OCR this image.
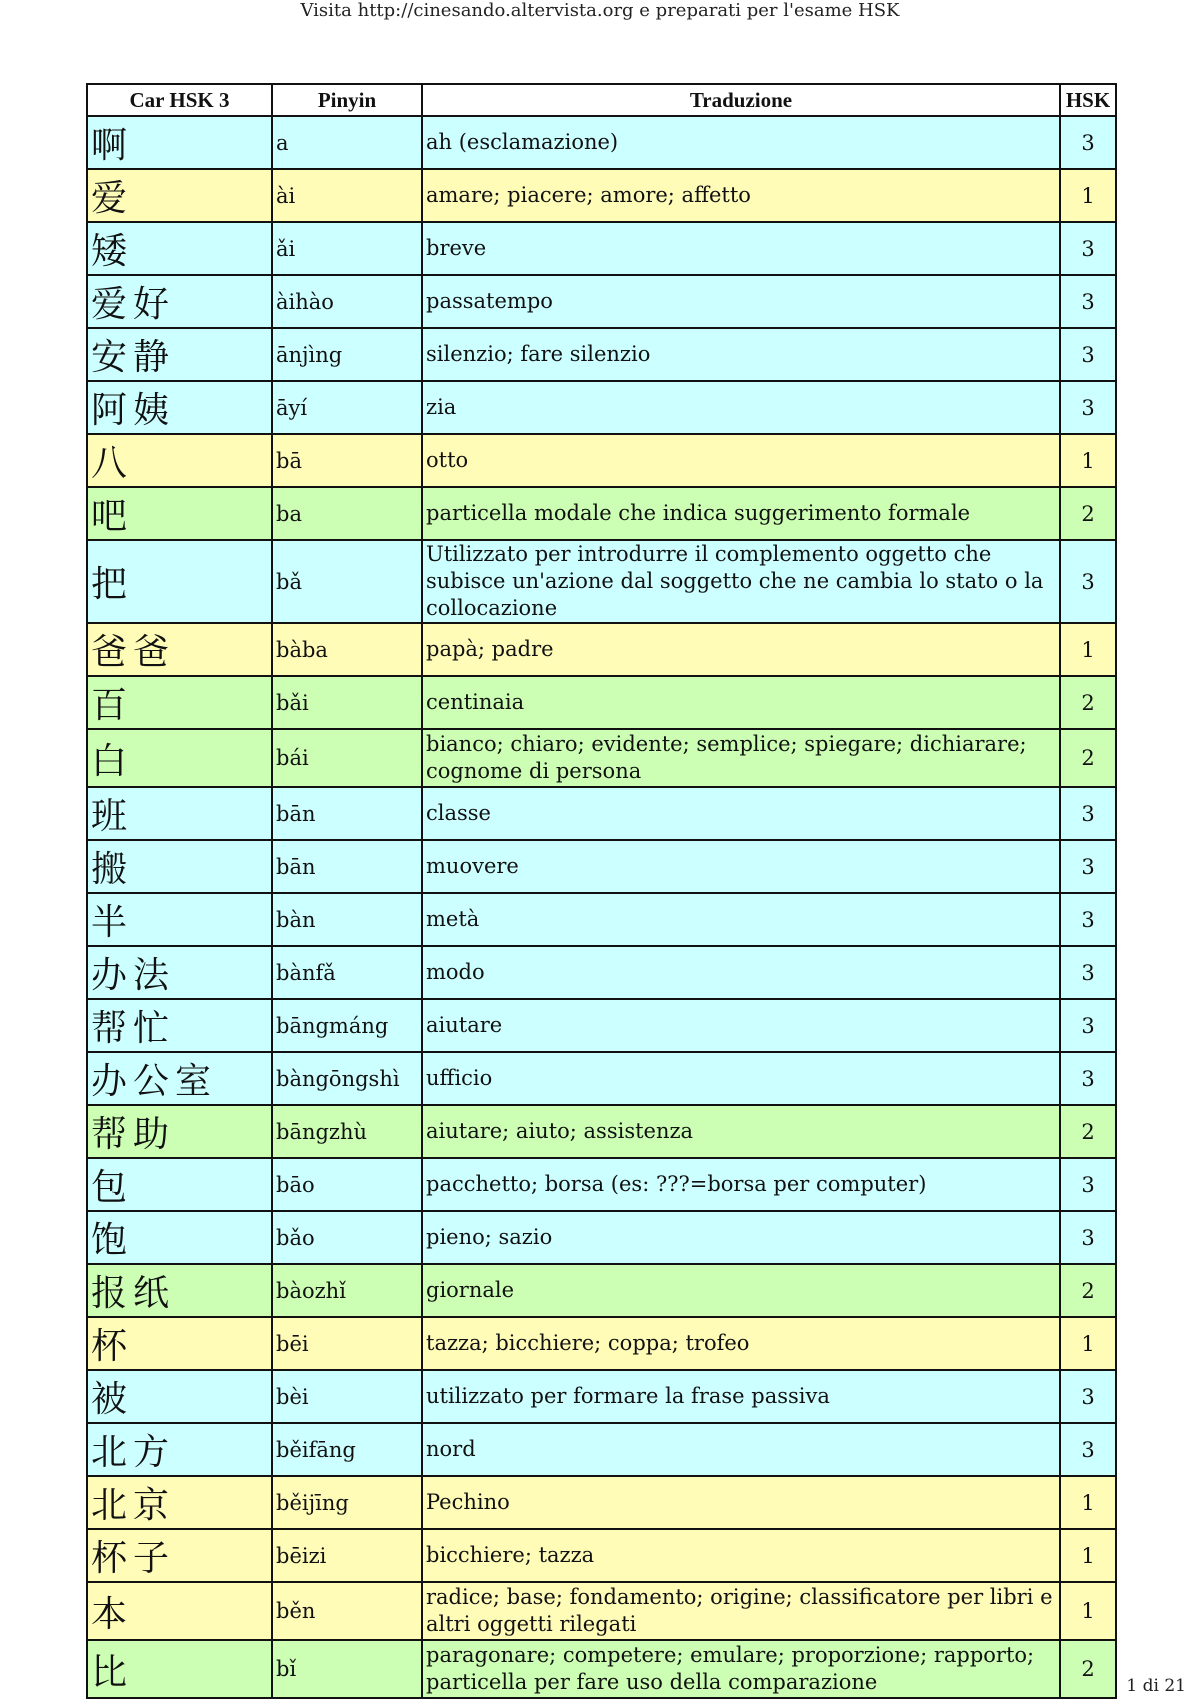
Visita http://cinesando.altervista.org e preparati per l'esame HSK
Car HSK 3	Pinyin	Traduzione	HSK
啊	a	ah (esclamazione)	3
爱	ài	amare; piacere; amore; affetto	1
矮	ǎi	breve	3
爱好	àihào	passatempo	3
安静	ānjìng	silenzio; fare silenzio	3
阿姨	āyí	zia	3
八	bā	otto	1
吧	ba	particella modale che indica suggerimento formale	2
把	bǎ	Utilizzato per introdurre il complemento oggetto che subisce un'azione dal soggetto che ne cambia lo stato o la collocazione	3
爸爸	bàba	papà; padre	1
百	bǎi	centinaia	2
白	bái	bianco; chiaro; evidente; semplice; spiegare; dichiarare; cognome di persona	2
班	bān	classe	3
搬	bān	muovere	3
半	bàn	metà	3
办法	bànfǎ	modo	3
帮忙	bāngmáng	aiutare	3
办公室	bàngōngshì	ufficio	3
帮助	bāngzhù	aiutare; aiuto; assistenza	2
包	bāo	pacchetto; borsa (es: ???=borsa per computer)	3
饱	bǎo	pieno; sazio	3
报纸	bàozhǐ	giornale	2
杯	bēi	tazza; bicchiere; coppa; trofeo	1
被	bèi	utilizzato per formare la frase passiva	3
北方	běifāng	nord	3
北京	běijīng	Pechino	1
杯子	bēizi	bicchiere; tazza	1
本	běn	radice; base; fondamento; origine; classificatore per libri e altri oggetti rilegati	1
比	bǐ	paragonare; competere; emulare; proporzione; rapporto; particella per fare uso della comparazione	2
1 di 21
